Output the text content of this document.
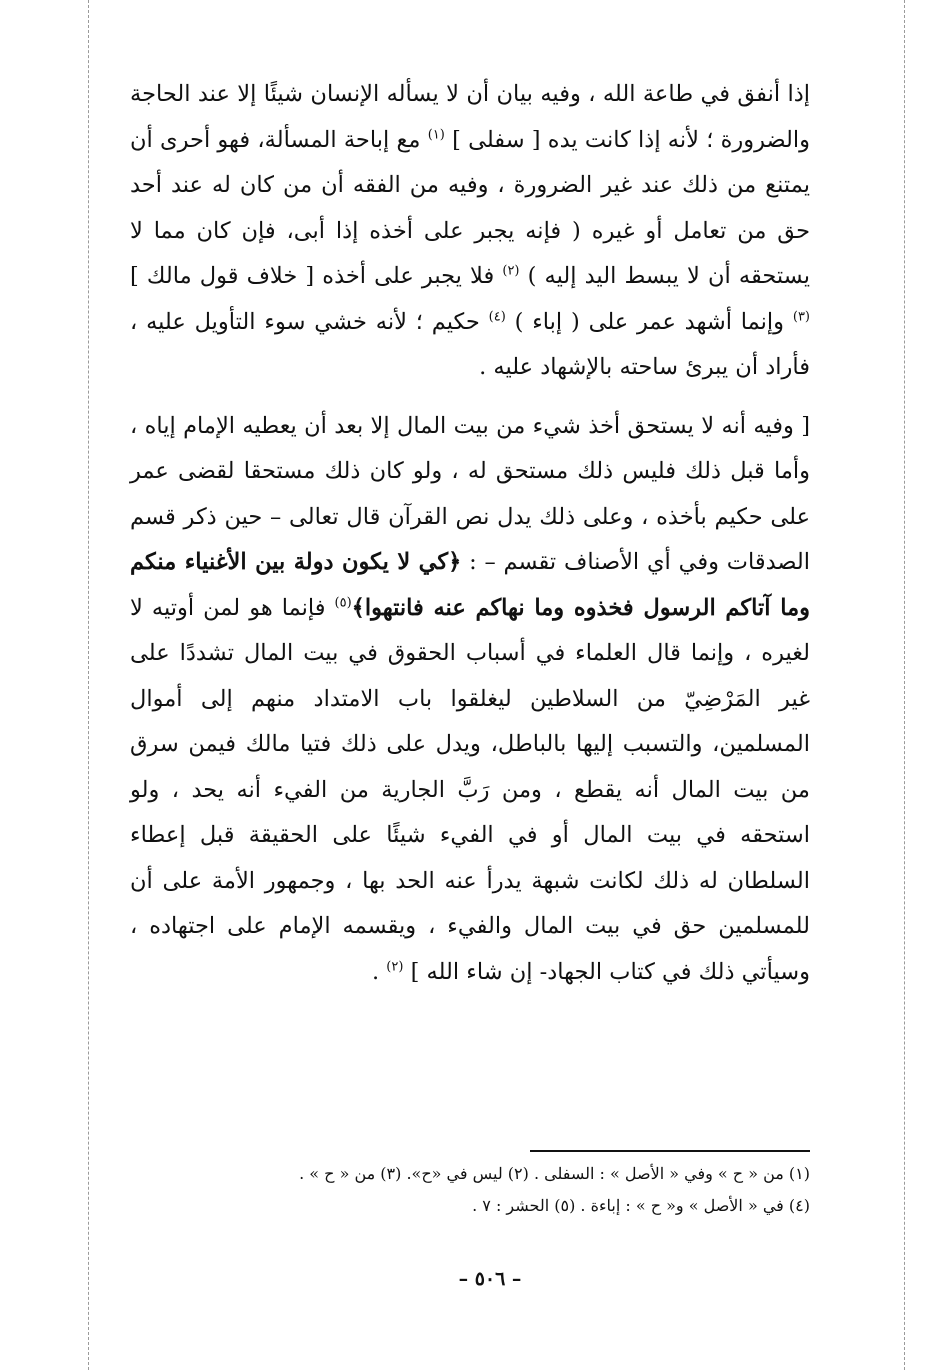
إذا أنفق في طاعة الله ، وفيه بيان أن لا يسأله الإنسان شيئًا إلا عند الحاجة والضرورة ؛ لأنه إذا كانت يده [ سفلى ] $^{(١)}$ مع إباحة المسألة، فهو أحرى أن يمتنع من ذلك عند غير الضرورة ، وفيه من الفقه أن من كان له عند أحد حق من تعامل أو غيره ( فإنه يجبر على أخذه إذا أبى، فإن كان مما لا يستحقه أن لا يبسط اليد إليه ) $^{(٢)}$ فلا يجبر على أخذه [ خلاف قول مالك ] $^{(٣)}$ وإنما أشهد عمر على ( إباء ) $^{(٤)}$ حكيم ؛ لأنه خشي سوء التأويل عليه ، فأراد أن يبرئ ساحته بالإشهاد عليه .

[ وفيه أنه لا يستحق أخذ شيء من بيت المال إلا بعد أن يعطيه الإمام إياه ، وأما قبل ذلك فليس ذلك مستحق له ، ولو كان ذلك مستحقا لقضى عمر على حكيم بأخذه ، وعلى ذلك يدل نص القرآن قال تعالى – حين ذكر قسم الصدقات وفي أي الأصناف تقسم – : ﴿كي لا يكون دولة بين الأغنياء منكم وما آتاكم الرسول فخذوه وما نهاكم عنه فانتهوا﴾$^{(٥)}$ فإنما هو لمن أوتيه لا لغيره ، وإنما قال العلماء في أسباب الحقوق في بيت المال تشددًا على غير المَرْضِيّ من السلاطين ليغلقوا باب الامتداد منهم إلى أموال المسلمين، والتسبب إليها بالباطل، ويدل على ذلك فتيا مالك فيمن سرق من بيت المال أنه يقطع ، ومن رَبَّ الجارية من الفيء أنه يحد ، ولو استحقه في بيت المال أو في الفيء شيئًا على الحقيقة قبل إعطاء السلطان له ذلك لكانت شبهة يدرأ عنه الحد بها ، وجمهور الأمة على أن للمسلمين حق في بيت المال والفيء ، ويقسمه الإمام على اجتهاده ، وسيأتي ذلك في كتاب الجهاد- إن شاء الله ] $^{(٢)}$ .

(١) من « ح » وفي « الأصل » : السفلى . (٢) ليس في «ح». (٣) من « ح » .
(٤) في « الأصل » و« ح » : إباءة . (٥) الحشر : ٧ .
– ٥٠٦ –
